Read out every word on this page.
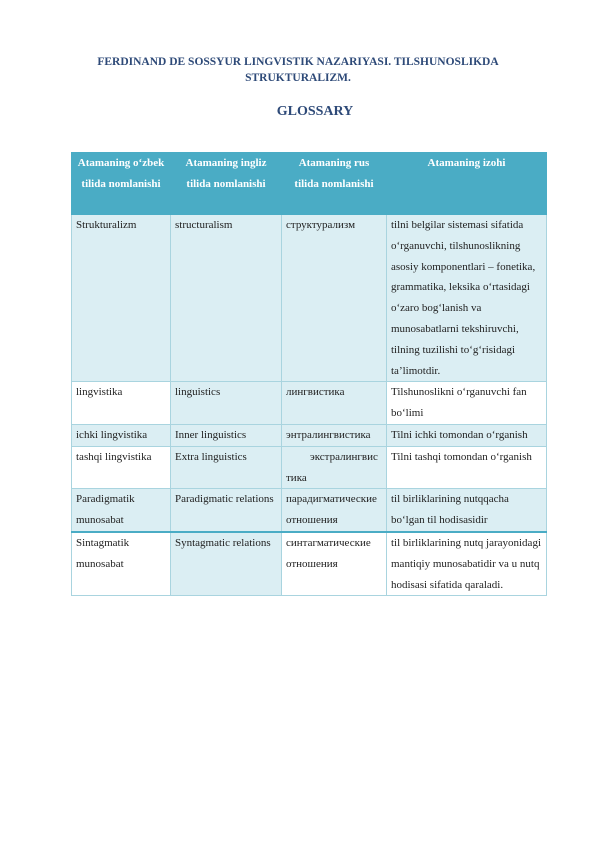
FERDINAND DE SOSSYUR LINGVISTIK NAZARIYASI. TILSHUNOSLIKDA STRUKTURALIZM.
GLOSSARY
Atamaning o‘zbek tilida nomlanishi	Atamaning ingliz tilida nomlanishi	Atamaning rus tilida nomlanishi	Atamaning izohi
Strukturalizm	structuralism	структурализм	tilni belgilar sistemasi sifatida o‘rganuvchi, tilshunoslikning asosiy komponentlari – fonetika, grammatika, leksika o‘rtasidagi o‘zaro bog‘lanish va munosabatlarni tekshiruvchi, tilning tuzilishi to‘g‘risidagi ta’limotdir.
lingvistika	linguistics	лингвистика	Tilshunoslikni o‘rganuvchi fan bo‘limi
ichki lingvistika	Inner linguistics	энтралингвистика	Tilni ichki tomondan o‘rganish
tashqi lingvistika	Extra linguistics	экстралингвистика	Tilni tashqi tomondan o‘rganish
Paradigmatik munosabat	Paradigmatic relations	парадигматические отношения	til birliklarining nutqqacha bo‘lgan til hodisasidir
Sintagmatik munosabat	Syntagmatic relations	синтагматические отношения	til birliklarining nutq jarayonidagi mantiqiy munosabatidir va u nutq hodisasi sifatida qaraladi.
